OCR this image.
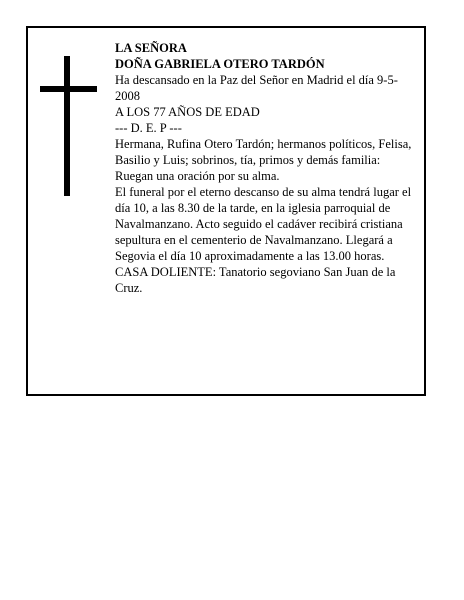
LA SEÑORA

DOÑA GABRIELA OTERO TARDÓN

Ha descansado en la Paz del Señor en Madrid el día 9-5-2008

A LOS 77 AÑOS DE EDAD

--- D. E. P ---

Hermana, Rufina Otero Tardón; hermanos políticos, Felisa, Basilio y Luis; sobrinos, tía, primos y demás familia:

Ruegan una oración por su alma.

El funeral por el eterno descanso de su alma tendrá lugar el día 10, a las 8.30 de la tarde, en la iglesia parroquial de Navalmanzano. Acto seguido el cadáver recibirá cristiana sepultura en el cementerio de Navalmanzano. Llegará a Segovia el día 10 aproximadamente a las 13.00 horas.

CASA DOLIENTE: Tanatorio segoviano San Juan de la Cruz.
